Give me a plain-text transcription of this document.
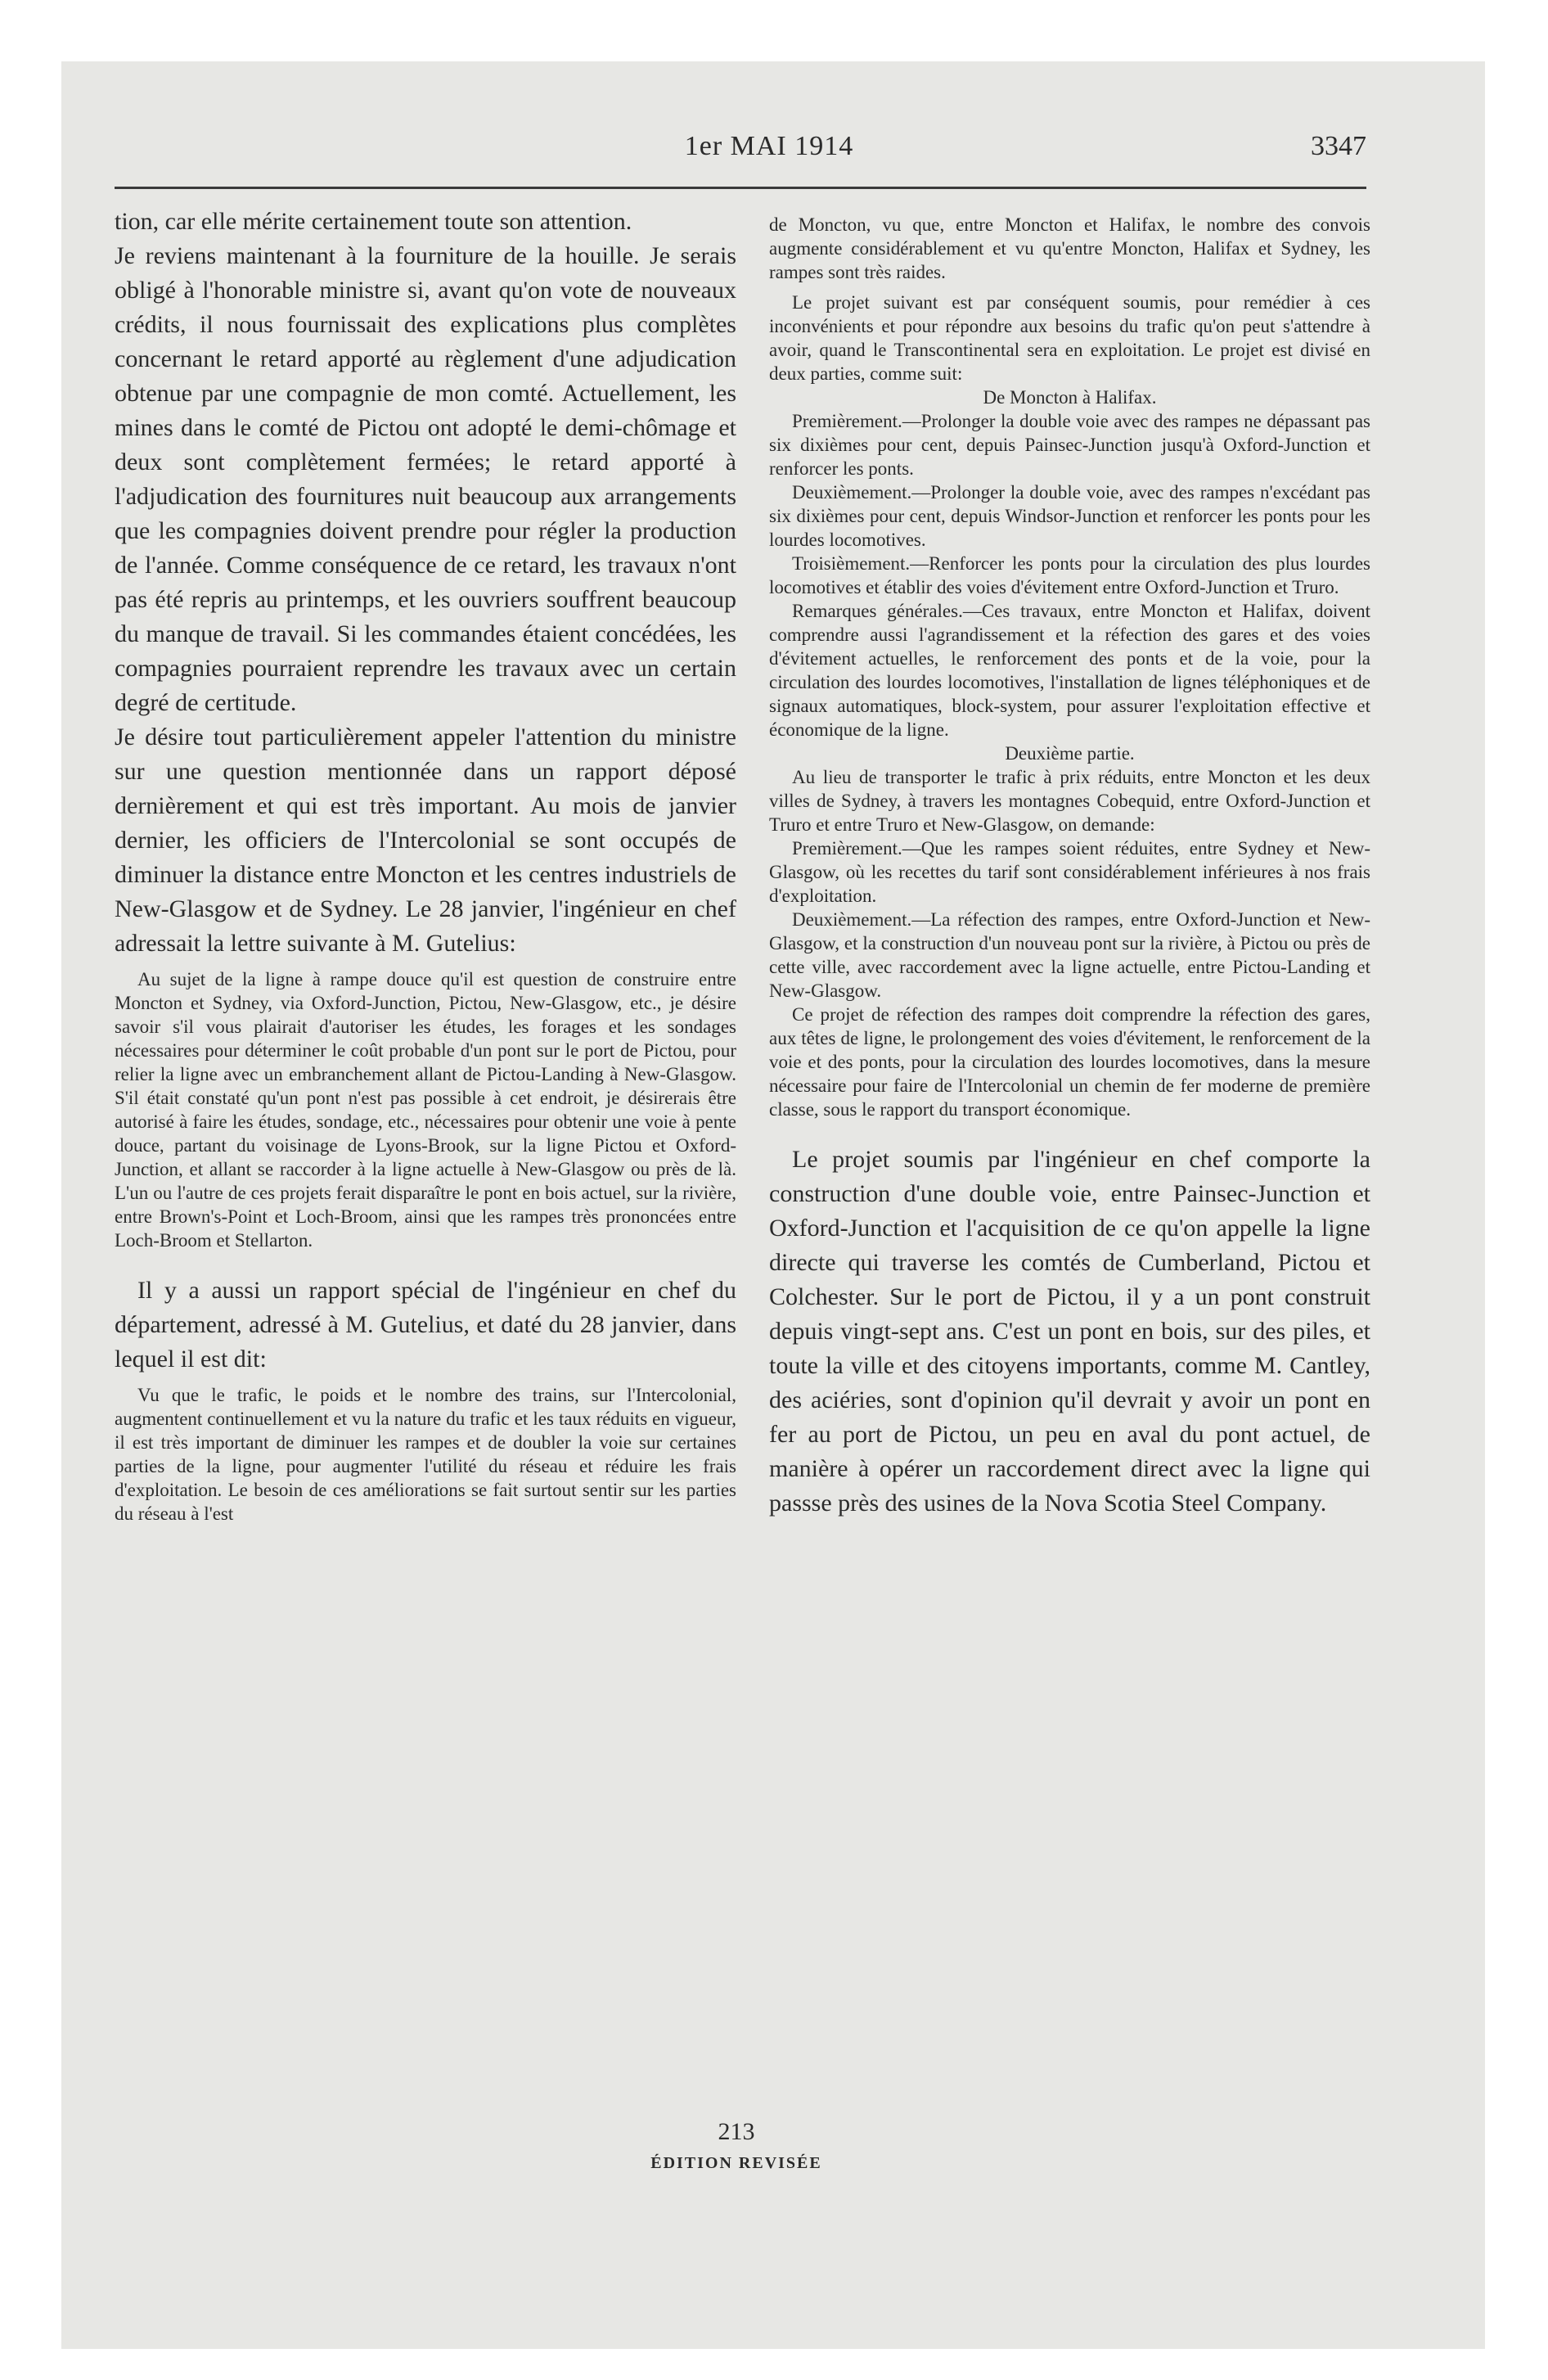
1er MAI 1914	3347

tion, car elle mérite certainement toute son attention.

Je reviens maintenant à la fourniture de la houille. Je serais obligé à l'honorable ministre si, avant qu'on vote de nouveaux crédits, il nous fournissait des explications plus complètes concernant le retard apporté au règlement d'une adjudication obtenue par une compagnie de mon comté. Actuellement, les mines dans le comté de Pictou ont adopté le demi-chômage et deux sont complètement fermées; le retard apporté à l'adjudication des fournitures nuit beaucoup aux arrangements que les compagnies doivent prendre pour régler la production de l'année. Comme conséquence de ce retard, les travaux n'ont pas été repris au printemps, et les ouvriers souffrent beaucoup du manque de travail. Si les commandes étaient concédées, les compagnies pourraient reprendre les travaux avec un certain degré de certitude.

Je désire tout particulièrement appeler l'attention du ministre sur une question mentionnée dans un rapport déposé dernièrement et qui est très important. Au mois de janvier dernier, les officiers de l'Intercolonial se sont occupés de diminuer la distance entre Moncton et les centres industriels de New-Glasgow et de Sydney. Le 28 janvier, l'ingénieur en chef adressait la lettre suivante à M. Gutelius:

Au sujet de la ligne à rampe douce qu'il est question de construire entre Moncton et Sydney, via Oxford-Junction, Pictou, New-Glasgow, etc., je désire savoir s'il vous plairait d'autoriser les études, les forages et les sondages nécessaires pour déterminer le coût probable d'un pont sur le port de Pictou, pour relier la ligne avec un embranchement allant de Pictou-Landing à New-Glasgow. S'il était constaté qu'un pont n'est pas possible à cet endroit, je désirerais être autorisé à faire les études, sondage, etc., nécessaires pour obtenir une voie à pente douce, partant du voisinage de Lyons-Brook, sur la ligne Pictou et Oxford-Junction, et allant se raccorder à la ligne actuelle à New-Glasgow ou près de là. L'un ou l'autre de ces projets ferait disparaître le pont en bois actuel, sur la rivière, entre Brown's-Point et Loch-Broom, ainsi que les rampes très prononcées entre Loch-Broom et Stellarton.

Il y a aussi un rapport spécial de l'ingénieur en chef du département, adressé à M. Gutelius, et daté du 28 janvier, dans lequel il est dit:

Vu que le trafic, le poids et le nombre des trains, sur l'Intercolonial, augmentent continuellement et vu la nature du trafic et les taux réduits en vigueur, il est très important de diminuer les rampes et de doubler la voie sur certaines parties de la ligne, pour augmenter l'utilité du réseau et réduire les frais d'exploitation. Le besoin de ces améliorations se fait surtout sentir sur les parties du réseau à l'est

de Moncton, vu que, entre Moncton et Halifax, le nombre des convois augmente considérablement et vu qu'entre Moncton, Halifax et Sydney, les rampes sont très raides.

Le projet suivant est par conséquent soumis, pour remédier à ces inconvénients et pour répondre aux besoins du trafic qu'on peut s'attendre à avoir, quand le Transcontinental sera en exploitation. Le projet est divisé en deux parties, comme suit:

De Moncton à Halifax.

Premièrement.—Prolonger la double voie avec des rampes ne dépassant pas six dixièmes pour cent, depuis Painsec-Junction jusqu'à Oxford-Junction et renforcer les ponts.

Deuxièmement.—Prolonger la double voie, avec des rampes n'excédant pas six dixièmes pour cent, depuis Windsor-Junction et renforcer les ponts pour les lourdes locomotives.

Troisièmement.—Renforcer les ponts pour la circulation des plus lourdes locomotives et établir des voies d'évitement entre Oxford-Junction et Truro.

Remarques générales.—Ces travaux, entre Moncton et Halifax, doivent comprendre aussi l'agrandissement et la réfection des gares et des voies d'évitement actuelles, le renforcement des ponts et de la voie, pour la circulation des lourdes locomotives, l'installation de lignes téléphoniques et de signaux automatiques, block-system, pour assurer l'exploitation effective et économique de la ligne.

Deuxième partie.

Au lieu de transporter le trafic à prix réduits, entre Moncton et les deux villes de Sydney, à travers les montagnes Cobequid, entre Oxford-Junction et Truro et entre Truro et New-Glasgow, on demande:

Premièrement.—Que les rampes soient réduites, entre Sydney et New-Glasgow, où les recettes du tarif sont considérablement inférieures à nos frais d'exploitation.

Deuxièmement.—La réfection des rampes, entre Oxford-Junction et New-Glasgow, et la construction d'un nouveau pont sur la rivière, à Pictou ou près de cette ville, avec raccordement avec la ligne actuelle, entre Pictou-Landing et New-Glasgow.

Ce projet de réfection des rampes doit comprendre la réfection des gares, aux têtes de ligne, le prolongement des voies d'évitement, le renforcement de la voie et des ponts, pour la circulation des lourdes locomotives, dans la mesure nécessaire pour faire de l'Intercolonial un chemin de fer moderne de première classe, sous le rapport du transport économique.

Le projet soumis par l'ingénieur en chef comporte la construction d'une double voie, entre Painsec-Junction et Oxford-Junction et l'acquisition de ce qu'on appelle la ligne directe qui traverse les comtés de Cumberland, Pictou et Colchester. Sur le port de Pictou, il y a un pont construit depuis vingt-sept ans. C'est un pont en bois, sur des piles, et toute la ville et des citoyens importants, comme M. Cantley, des aciéries, sont d'opinion qu'il devrait y avoir un pont en fer au port de Pictou, un peu en aval du pont actuel, de manière à opérer un raccordement direct avec la ligne qui passse près des usines de la Nova Scotia Steel Company.

213
ÉDITION REVISÉE
